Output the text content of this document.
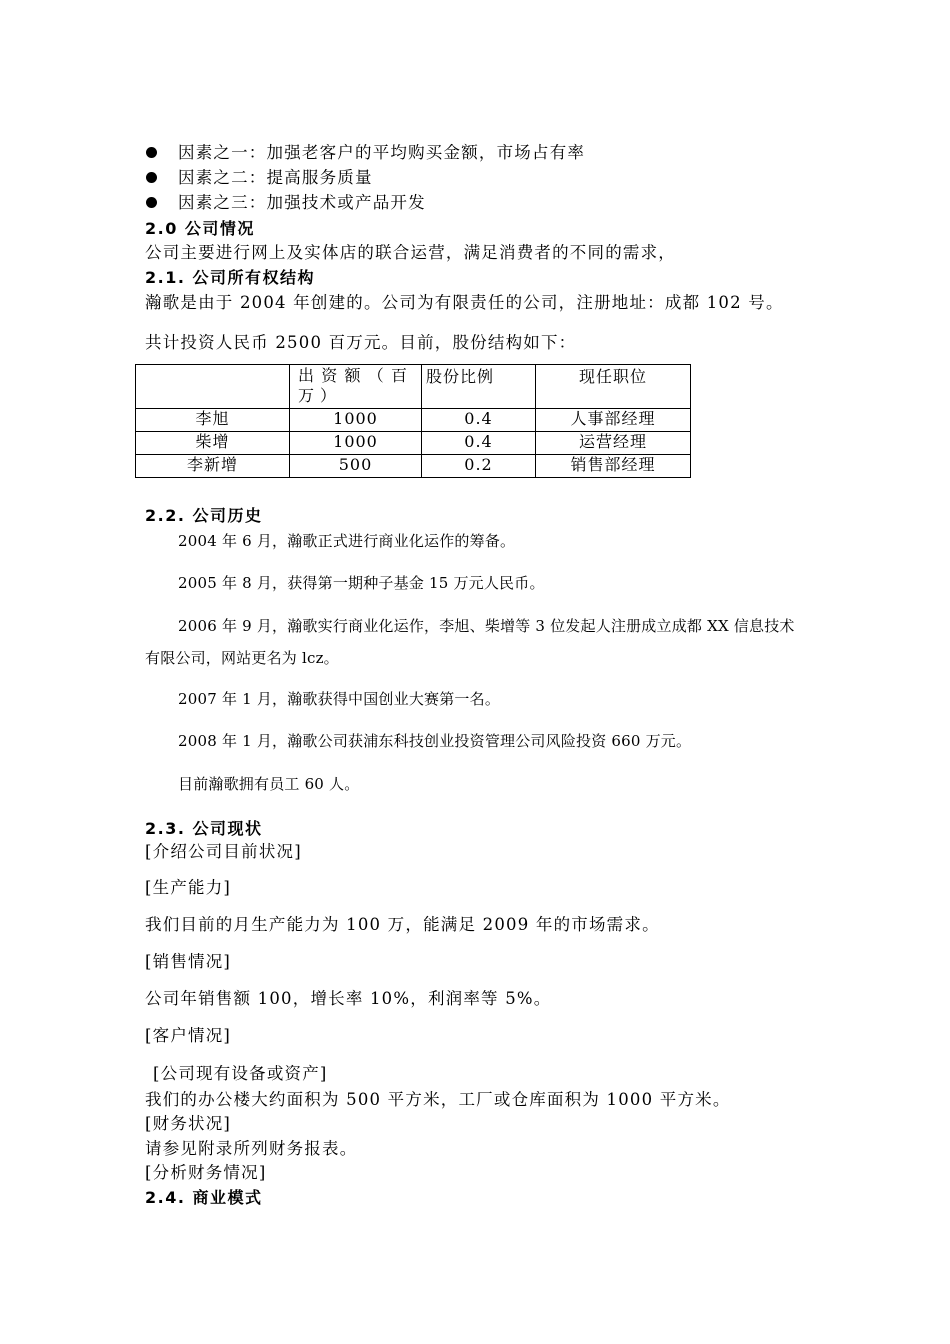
因素之一：加强老客户的平均购买金额，市场占有率
因素之二：提高服务质量
因素之三：加强技术或产品开发
2.0 公司情况
公司主要进行网上及实体店的联合运营，满足消费者的不同的需求，
2.1. 公司所有权结构
瀚歌是由于 2004 年创建的。公司为有限责任的公司，注册地址：成都 102 号。
共计投资人民币 2500 百万元。目前，股份结构如下：
	出资额（百万）	股份比例	现任职位
李旭	1000	0.4	人事部经理
柴增	1000	0.4	运营经理
李新增	500	0.2	销售部经理
2.2. 公司历史
2004 年 6 月，瀚歌正式进行商业化运作的筹备。
2005 年 8 月，获得第一期种子基金 15 万元人民币。
2006 年 9 月，瀚歌实行商业化运作，李旭、柴增等 3 位发起人注册成立成都 XX 信息技术
有限公司，网站更名为 lcz。
2007 年 1 月，瀚歌获得中国创业大赛第一名。
2008 年 1 月，瀚歌公司获浦东科技创业投资管理公司风险投资 660 万元。
目前瀚歌拥有员工 60 人。
2.3. 公司现状
[介绍公司目前状况]
[生产能力]
我们目前的月生产能力为 100 万，能满足 2009 年的市场需求。
[销售情况]
公司年销售额 100，增长率 10%，利润率等 5%。
[客户情况]
[公司现有设备或资产]
我们的办公楼大约面积为 500 平方米，工厂或仓库面积为 1000 平方米。
[财务状况]
请参见附录所列财务报表。
[分析财务情况]
2.4. 商业模式
